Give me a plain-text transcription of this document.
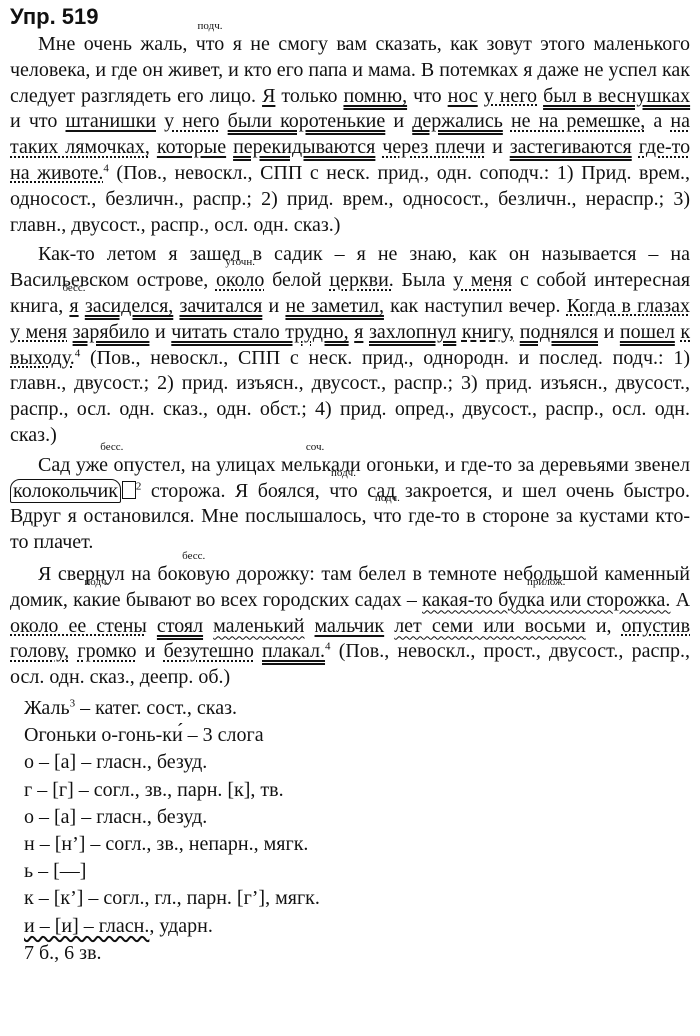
Упр. 519

Мне очень жаль, подч. что я не смогу вам сказать, как зовут этого маленького человека, и где он живет, и кто его папа и мама. В потемках я даже не успел как следует разглядеть его лицо. Я только помню, что нос у него был в веснушках и что штанишки у него были коротенькие и держались не на ремешке, а на таких лямочках, которые перекидываются через плечи и застегиваются где-то на животе.$^4$ (Пов., невоскл., СПП с неск. прид., одн. соподч.: 1) Прид. врем., односост., безличн., распр.; 2) прид. врем., односост., безличн., нераспр.; 3) главн., двусост., распр., осл. одн. сказ.)

Как-то летом я зашел в садик – я не знаю, как он называется – на Васильевском острове, уточн. около белой церкви. Была у меня с собой интересная книга, бесс. я засиделся, зачитался и не заметил, как наступил вечер. Когда в глазах у меня зарябило и читать стало трудно, я захлопнул книгу, поднялся и пошел к выходу.$^4$ (Пов., невоскл., СПП с неск. прид., однородн. и послед. подч.: 1) главн., двусост.; 2) прид. изъясн., двусост., распр.; 3) прид. изъясн., двусост., распр., осл. одн. сказ., одн. обст.; 4) прид. опред., двусост., распр., осл. одн. сказ.)

бесс. Сад уже опустел, соч. на улицах мелькали огоньки, и где-то за деревьями звенел колокольчик $^2$ сторожа. Я боялся, подч. что сад закроется, и шел очень быстро. Вдруг я остановился. Мне послышалось, подч. что где-то в стороне за кустами кто-то плачет.

Я свернул на бесс. боковую дорожку: там белел в темноте небольшой каменный домик, подч. какие бывают во всех городских садах – прилож. какая-то будка или сторожка. А около ее стены стоял маленький мальчик лет семи или восьми и, опустив голову, громко и безутешно плакал.$^4$ (Пов., невоскл., прост., двусост., распр., осл. одн. сказ., деепр. об.)

Жаль$^3$ – катег. сост., сказ.

Огоньки о-гонь-ки́ – 3 слога

о – [а] – гласн., безуд.

г – [г] – согл., зв., парн. [к], тв.

о – [а] – гласн., безуд.

н – [н’] – согл., зв., непарн., мягк.

ь – [—]

к – [к’] – согл., гл., парн. [г’], мягк.

и – [и] – гласн., ударн.

7 б., 6 зв.
